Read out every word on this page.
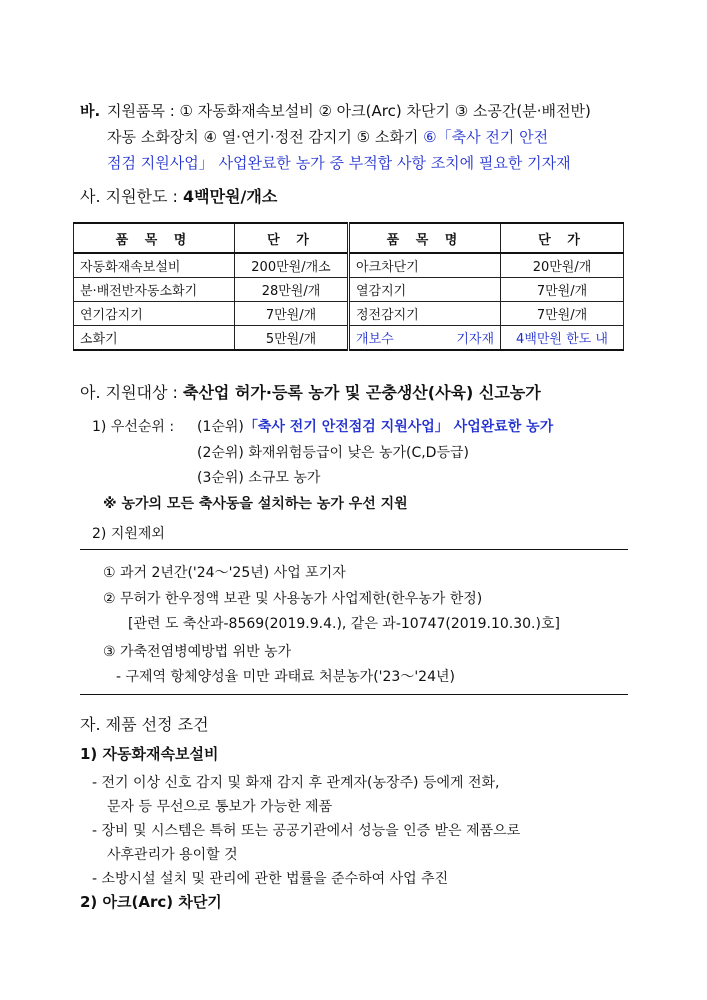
바. 지원품목 : ① 자동화재속보설비 ② 아크(Arc) 차단기 ③ 소공간(분·배전반)
자동 소화장치 ④ 열·연기·정전 감지기 ⑤ 소화기 ⑥「축사 전기 안전
점검 지원사업」 사업완료한 농가 중 부적합 사항 조치에 필요한 기자재
사. 지원한도 : 4백만원/개소
품 목 명	단 가	품 목 명	단 가
자동화재속보설비	200만원/개소	아크차단기	20만원/개
분·배전반자동소화기	28만원/개	열감지기	7만원/개
연기감지기	7만원/개	정전감지기	7만원/개
소화기	5만원/개	개보수 기자재	4백만원 한도 내
아. 지원대상 : 축산업 허가·등록 농가 및 곤충생산(사육) 신고농가
1) 우선순위 : (1순위)「축사 전기 안전점검 지원사업」 사업완료한 농가
(2순위) 화재위험등급이 낮은 농가(C,D등급)
(3순위) 소규모 농가
※ 농가의 모든 축사동을 설치하는 농가 우선 지원
2) 지원제외
① 과거 2년간('24～'25년) 사업 포기자
② 무허가 한우정액 보관 및 사용농가 사업제한(한우농가 한정)
[관련 도 축산과-8569(2019.9.4.), 같은 과-10747(2019.10.30.)호]
③ 가축전염병예방법 위반 농가
- 구제역 항체양성율 미만 과태료 처분농가('23～'24년)
자. 제품 선정 조건
1) 자동화재속보설비
- 전기 이상 신호 감지 및 화재 감지 후 관계자(농장주) 등에게 전화,
문자 등 무선으로 통보가 가능한 제품
- 장비 및 시스템은 특허 또는 공공기관에서 성능을 인증 받은 제품으로
사후관리가 용이할 것
- 소방시설 설치 및 관리에 관한 법률을 준수하여 사업 추진
2) 아크(Arc) 차단기
